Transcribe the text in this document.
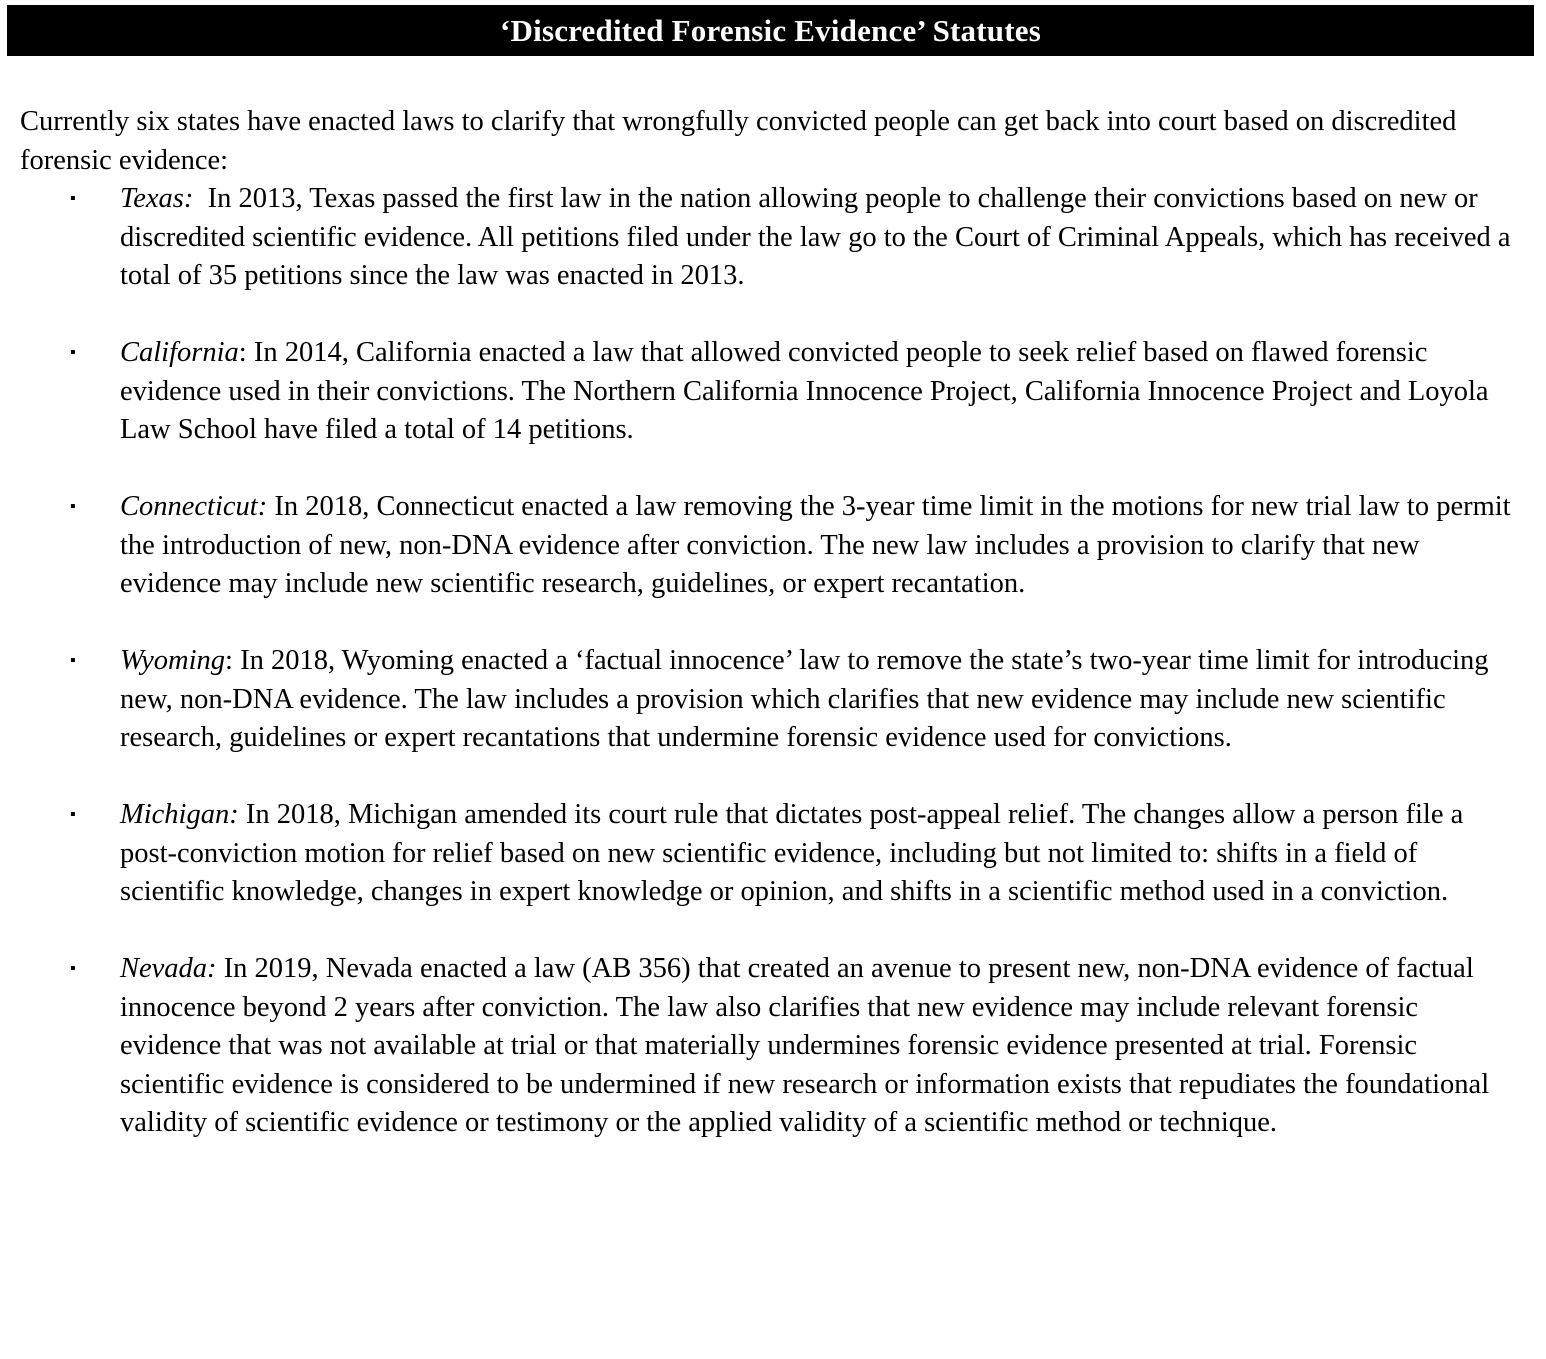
‘Discredited Forensic Evidence’ Statutes
Currently six states have enacted laws to clarify that wrongfully convicted people can get back into court based on discredited forensic evidence:
▪ Texas:  In 2013, Texas passed the first law in the nation allowing people to challenge their convictions based on new or discredited scientific evidence. All petitions filed under the law go to the Court of Criminal Appeals, which has received a total of 35 petitions since the law was enacted in 2013.
▪ California: In 2014, California enacted a law that allowed convicted people to seek relief based on flawed forensic evidence used in their convictions. The Northern California Innocence Project, California Innocence Project and Loyola Law School have filed a total of 14 petitions.
▪ Connecticut: In 2018, Connecticut enacted a law removing the 3-year time limit in the motions for new trial law to permit the introduction of new, non-DNA evidence after conviction. The new law includes a provision to clarify that new evidence may include new scientific research, guidelines, or expert recantation.
▪ Wyoming: In 2018, Wyoming enacted a ‘factual innocence’ law to remove the state’s two-year time limit for introducing new, non-DNA evidence. The law includes a provision which clarifies that new evidence may include new scientific research, guidelines or expert recantations that undermine forensic evidence used for convictions.
▪ Michigan: In 2018, Michigan amended its court rule that dictates post-appeal relief. The changes allow a person file a post-conviction motion for relief based on new scientific evidence, including but not limited to: shifts in a field of scientific knowledge, changes in expert knowledge or opinion, and shifts in a scientific method used in a conviction.
▪ Nevada: In 2019, Nevada enacted a law (AB 356) that created an avenue to present new, non-DNA evidence of factual innocence beyond 2 years after conviction. The law also clarifies that new evidence may include relevant forensic evidence that was not available at trial or that materially undermines forensic evidence presented at trial. Forensic scientific evidence is considered to be undermined if new research or information exists that repudiates the foundational validity of scientific evidence or testimony or the applied validity of a scientific method or technique.
